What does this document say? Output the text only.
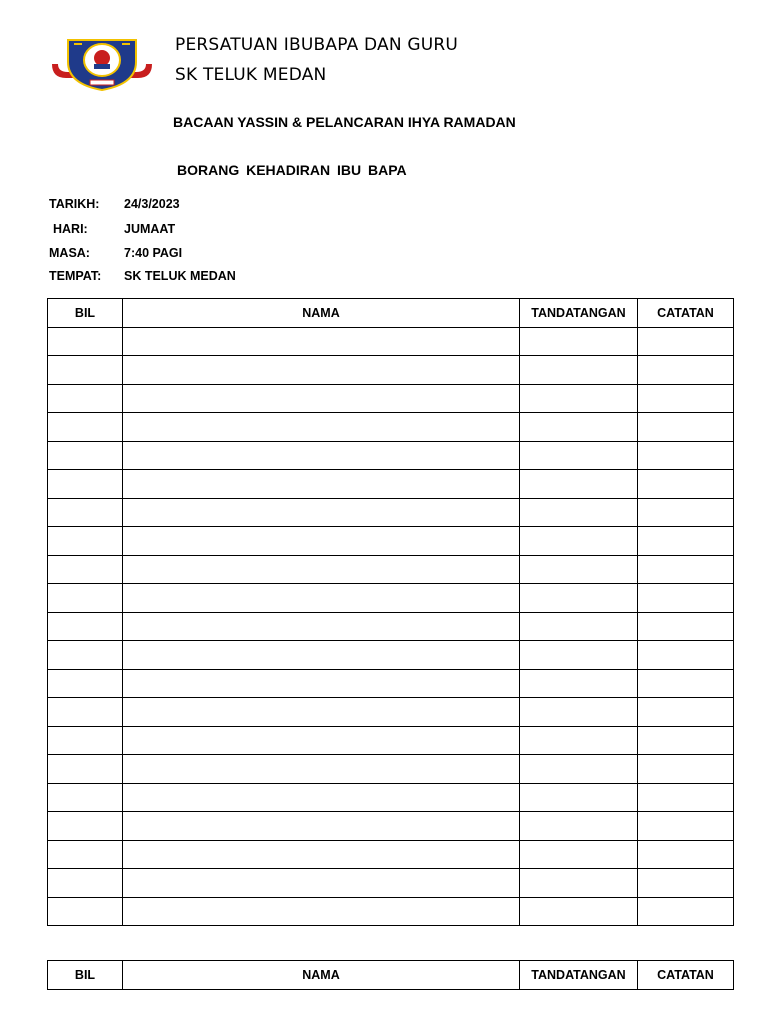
PERSATUAN IBUBAPA DAN GURU
SK TELUK MEDAN
BACAAN YASSIN & PELANCARAN IHYA RAMADAN
BORANG KEHADIRAN IBU BAPA
TARIKH: 24/3/2023
HARI:	JUMAAT
MASA:	7:40 PAGI
TEMPAT: SK TELUK MEDAN
BIL	NAMA	TANDATANGAN	CATATAN

BIL	NAMA	TANDATANGAN	CATATAN
